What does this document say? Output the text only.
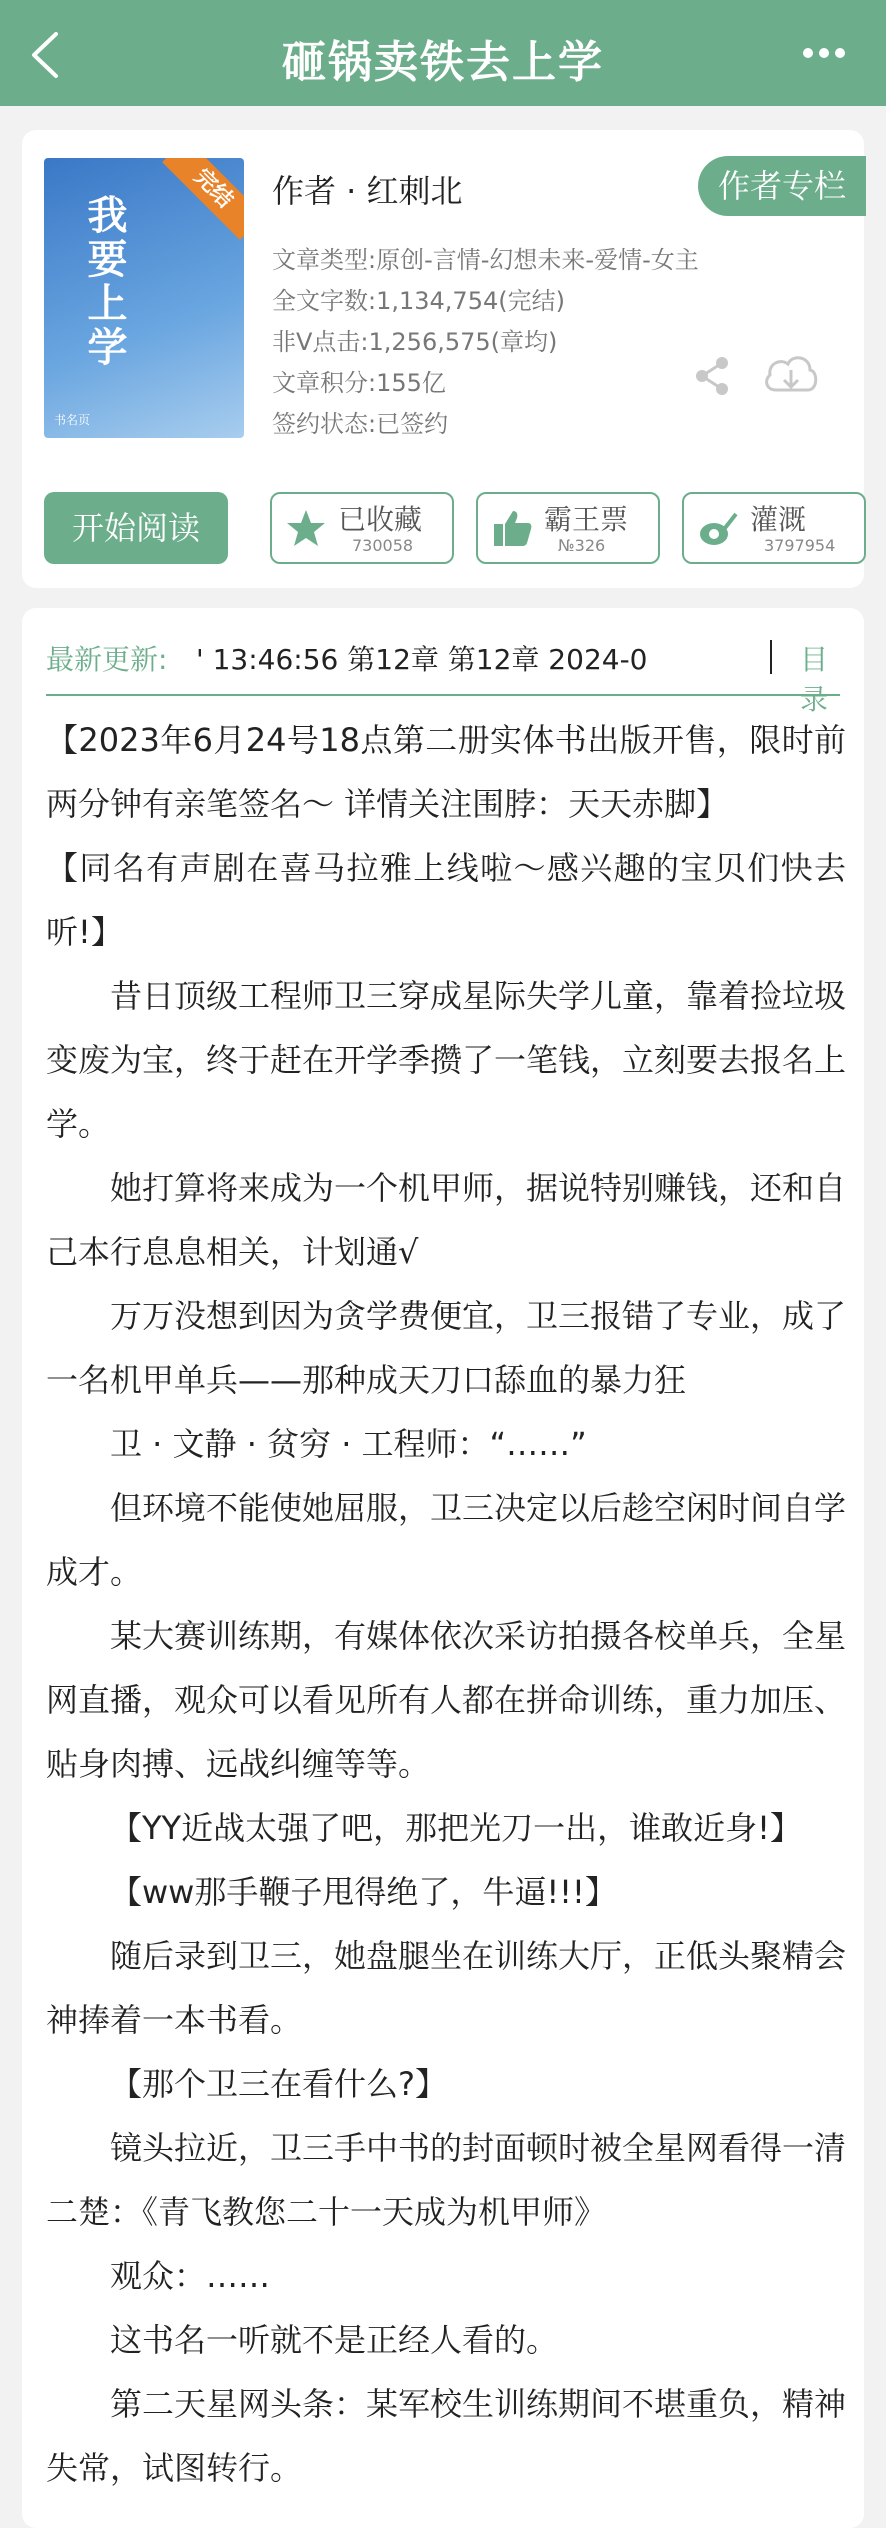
砸锅卖铁去上学
我要上学
完结
书名页
作者 · 红刺北	作者专栏
文章类型:原创-言情-幻想未来-爱情-女主
全文字数:1,134,754(完结)
非V点击:1,256,575(章均)
文章积分:155亿
签约状态:已签约
开始阅读	已收藏
730058
霸王票
№326
灌溉
3797954
最新更新: ' 13:46:56 第12章 第12章 2024-0	目录

【2023年6月24号18点第二册实体书出版开售，限时前两分钟有亲笔签名～ 详情关注围脖：天天赤脚】

【同名有声剧在喜马拉雅上线啦～感兴趣的宝贝们快去听!】

昔日顶级工程师卫三穿成星际失学儿童，靠着捡垃圾变废为宝，终于赶在开学季攒了一笔钱，立刻要去报名上学。

她打算将来成为一个机甲师，据说特别赚钱，还和自己本行息息相关，计划通√

万万没想到因为贪学费便宜，卫三报错了专业，成了一名机甲单兵——那种成天刀口舔血的暴力狂

卫 · 文静 · 贫穷 · 工程师：“……”

但环境不能使她屈服，卫三决定以后趁空闲时间自学成才。

某大赛训练期，有媒体依次采访拍摄各校单兵，全星网直播，观众可以看见所有人都在拼命训练，重力加压、贴身肉搏、远战纠缠等等。

【YY近战太强了吧，那把光刀一出，谁敢近身!】

【ww那手鞭子甩得绝了，牛逼!!!】

随后录到卫三，她盘腿坐在训练大厅，正低头聚精会神捧着一本书看。

【那个卫三在看什么?】

镜头拉近，卫三手中书的封面顿时被全星网看得一清二楚：《青飞教您二十一天成为机甲师》

观众：……

这书名一听就不是正经人看的。

第二天星网头条：某军校生训练期间不堪重负，精神失常，试图转行。
